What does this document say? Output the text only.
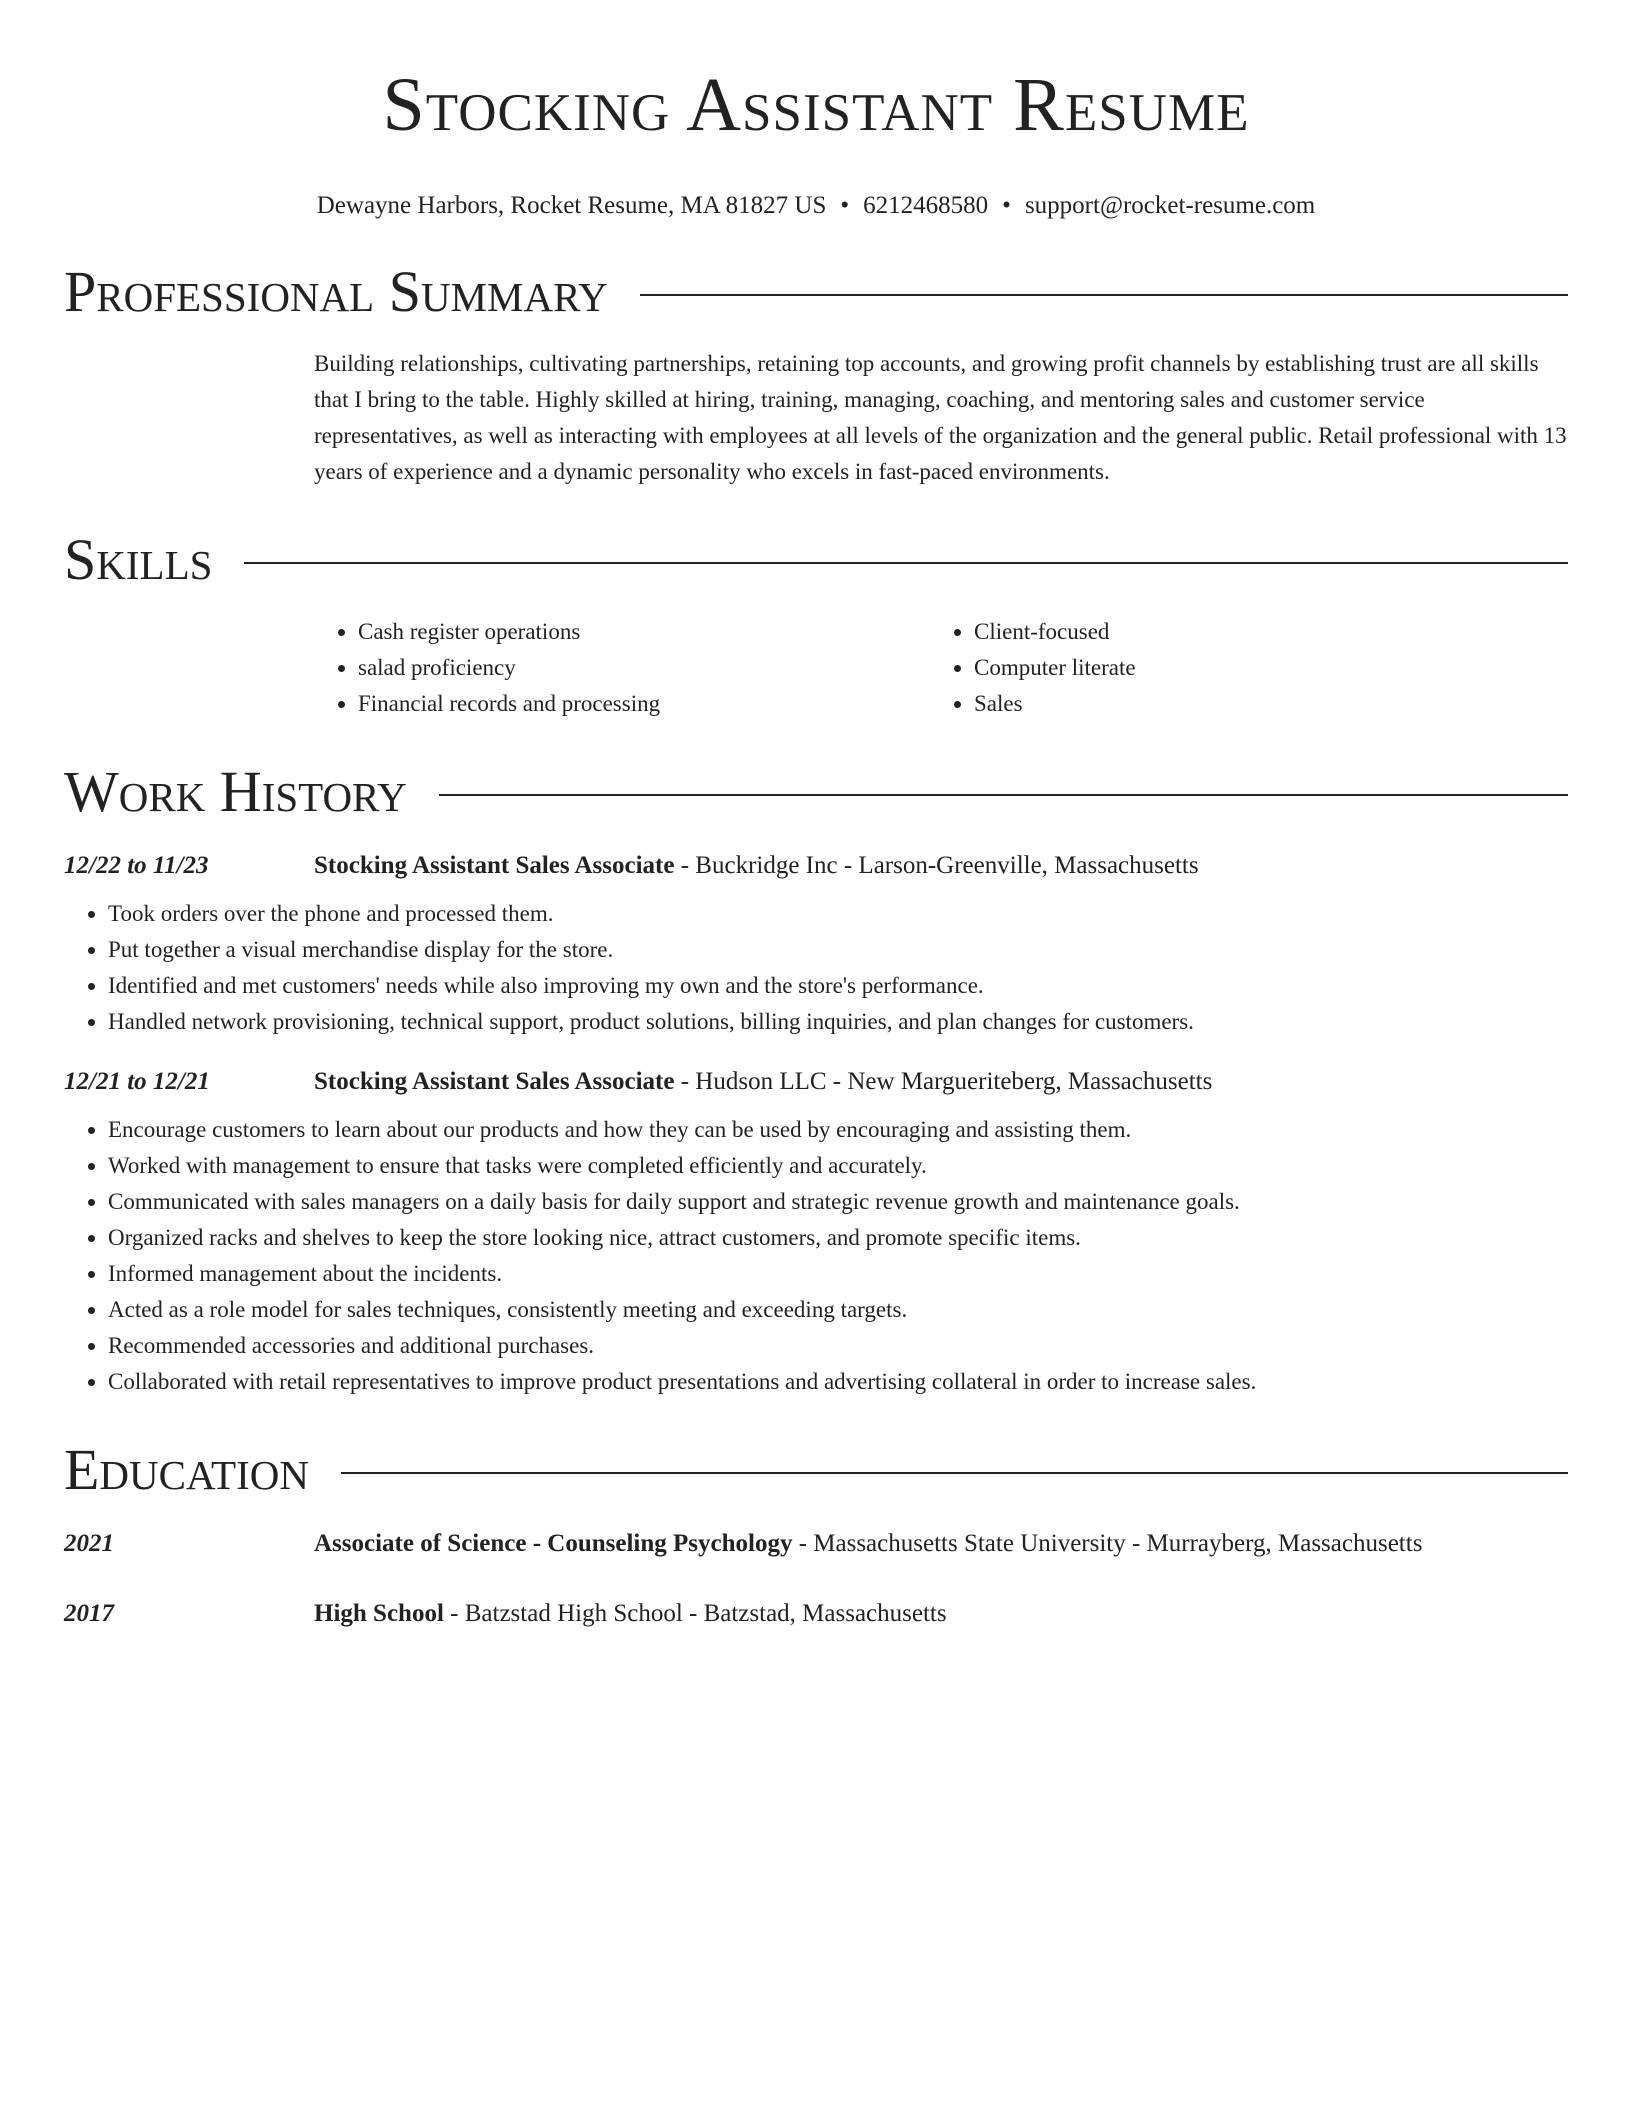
Stocking Assistant Resume
Dewayne Harbors, Rocket Resume, MA 81827 US • 6212468580 • support@rocket-resume.com
Professional Summary
Building relationships, cultivating partnerships, retaining top accounts, and growing profit channels by establishing trust are all skills that I bring to the table. Highly skilled at hiring, training, managing, coaching, and mentoring sales and customer service representatives, as well as interacting with employees at all levels of the organization and the general public. Retail professional with 13 years of experience and a dynamic personality who excels in fast-paced environments.
Skills
• Cash register operations
• salad proficiency
• Financial records and processing
• Client-focused
• Computer literate
• Sales
Work History
12/22 to 11/23	Stocking Assistant Sales Associate - Buckridge Inc - Larson-Greenville, Massachusetts
• Took orders over the phone and processed them.
• Put together a visual merchandise display for the store.
• Identified and met customers' needs while also improving my own and the store's performance.
• Handled network provisioning, technical support, product solutions, billing inquiries, and plan changes for customers.
12/21 to 12/21	Stocking Assistant Sales Associate - Hudson LLC - New Margueriteberg, Massachusetts
• Encourage customers to learn about our products and how they can be used by encouraging and assisting them.
• Worked with management to ensure that tasks were completed efficiently and accurately.
• Communicated with sales managers on a daily basis for daily support and strategic revenue growth and maintenance goals.
• Organized racks and shelves to keep the store looking nice, attract customers, and promote specific items.
• Informed management about the incidents.
• Acted as a role model for sales techniques, consistently meeting and exceeding targets.
• Recommended accessories and additional purchases.
• Collaborated with retail representatives to improve product presentations and advertising collateral in order to increase sales.
Education
2021	Associate of Science - Counseling Psychology - Massachusetts State University - Murrayberg, Massachusetts
2017	High School - Batzstad High School - Batzstad, Massachusetts
